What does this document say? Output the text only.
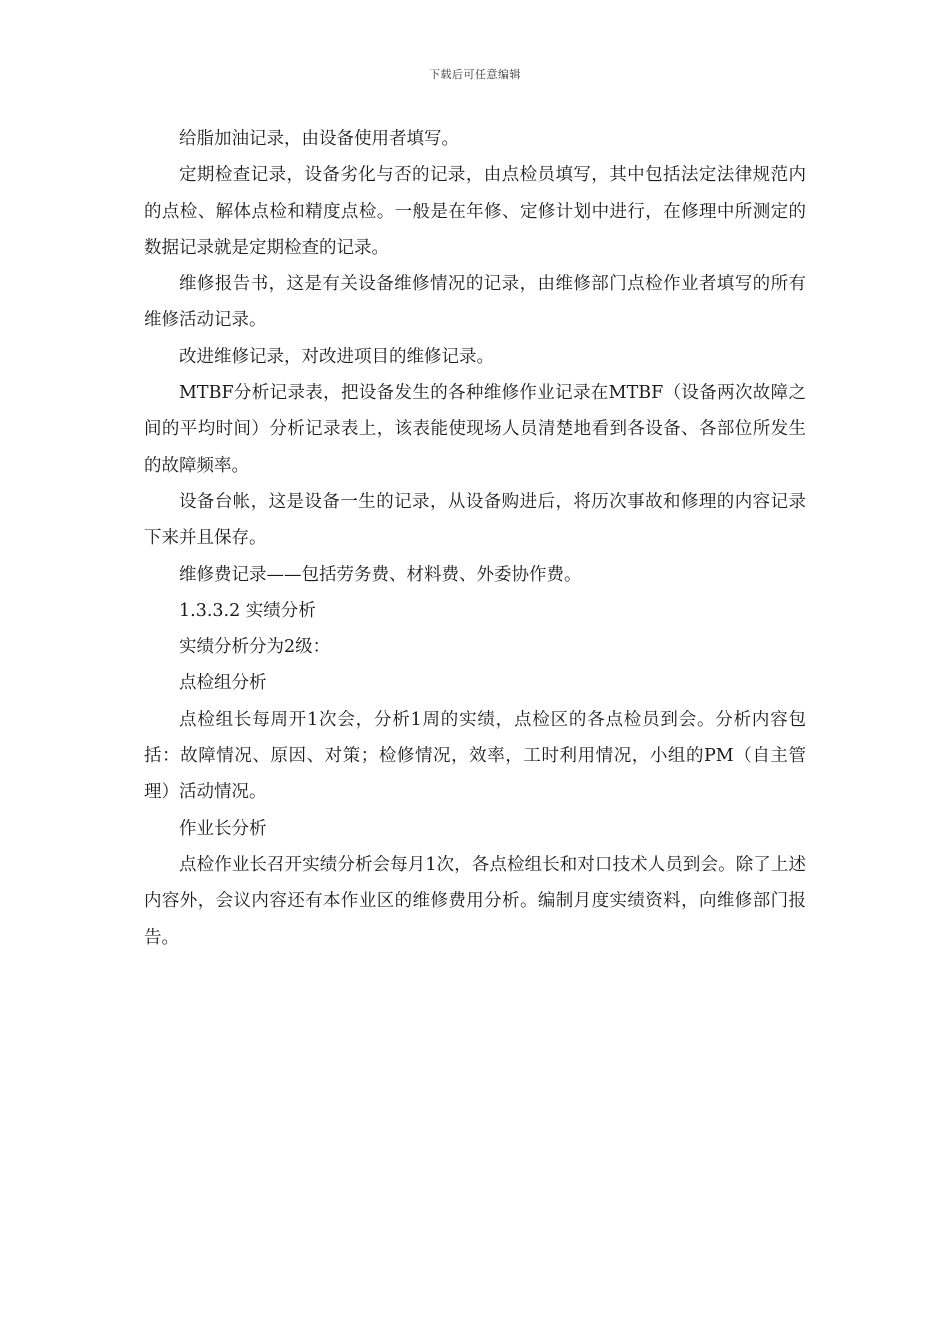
下载后可任意编辑

给脂加油记录，由设备使用者填写。

定期检查记录，设备劣化与否的记录，由点检员填写，其中包括法定法律规范内的点检、解体点检和精度点检。一般是在年修、定修计划中进行，在修理中所测定的数据记录就是定期检查的记录。

维修报告书，这是有关设备维修情况的记录，由维修部门点检作业者填写的所有维修活动记录。

改进维修记录，对改进项目的维修记录。

MTBF分析记录表，把设备发生的各种维修作业记录在MTBF（设备两次故障之间的平均时间）分析记录表上，该表能使现场人员清楚地看到各设备、各部位所发生的故障频率。

设备台帐，这是设备一生的记录，从设备购进后，将历次事故和修理的内容记录下来并且保存。

维修费记录——包括劳务费、材料费、外委协作费。

1.3.3.2 实绩分析

实绩分析分为2级：

点检组分析

点检组长每周开1次会，分析1周的实绩，点检区的各点检员到会。分析内容包括：故障情况、原因、对策；检修情况，效率，工时利用情况，小组的PM（自主管理）活动情况。

作业长分析

点检作业长召开实绩分析会每月1次，各点检组长和对口技术人员到会。除了上述内容外，会议内容还有本作业区的维修费用分析。编制月度实绩资料，向维修部门报告。
